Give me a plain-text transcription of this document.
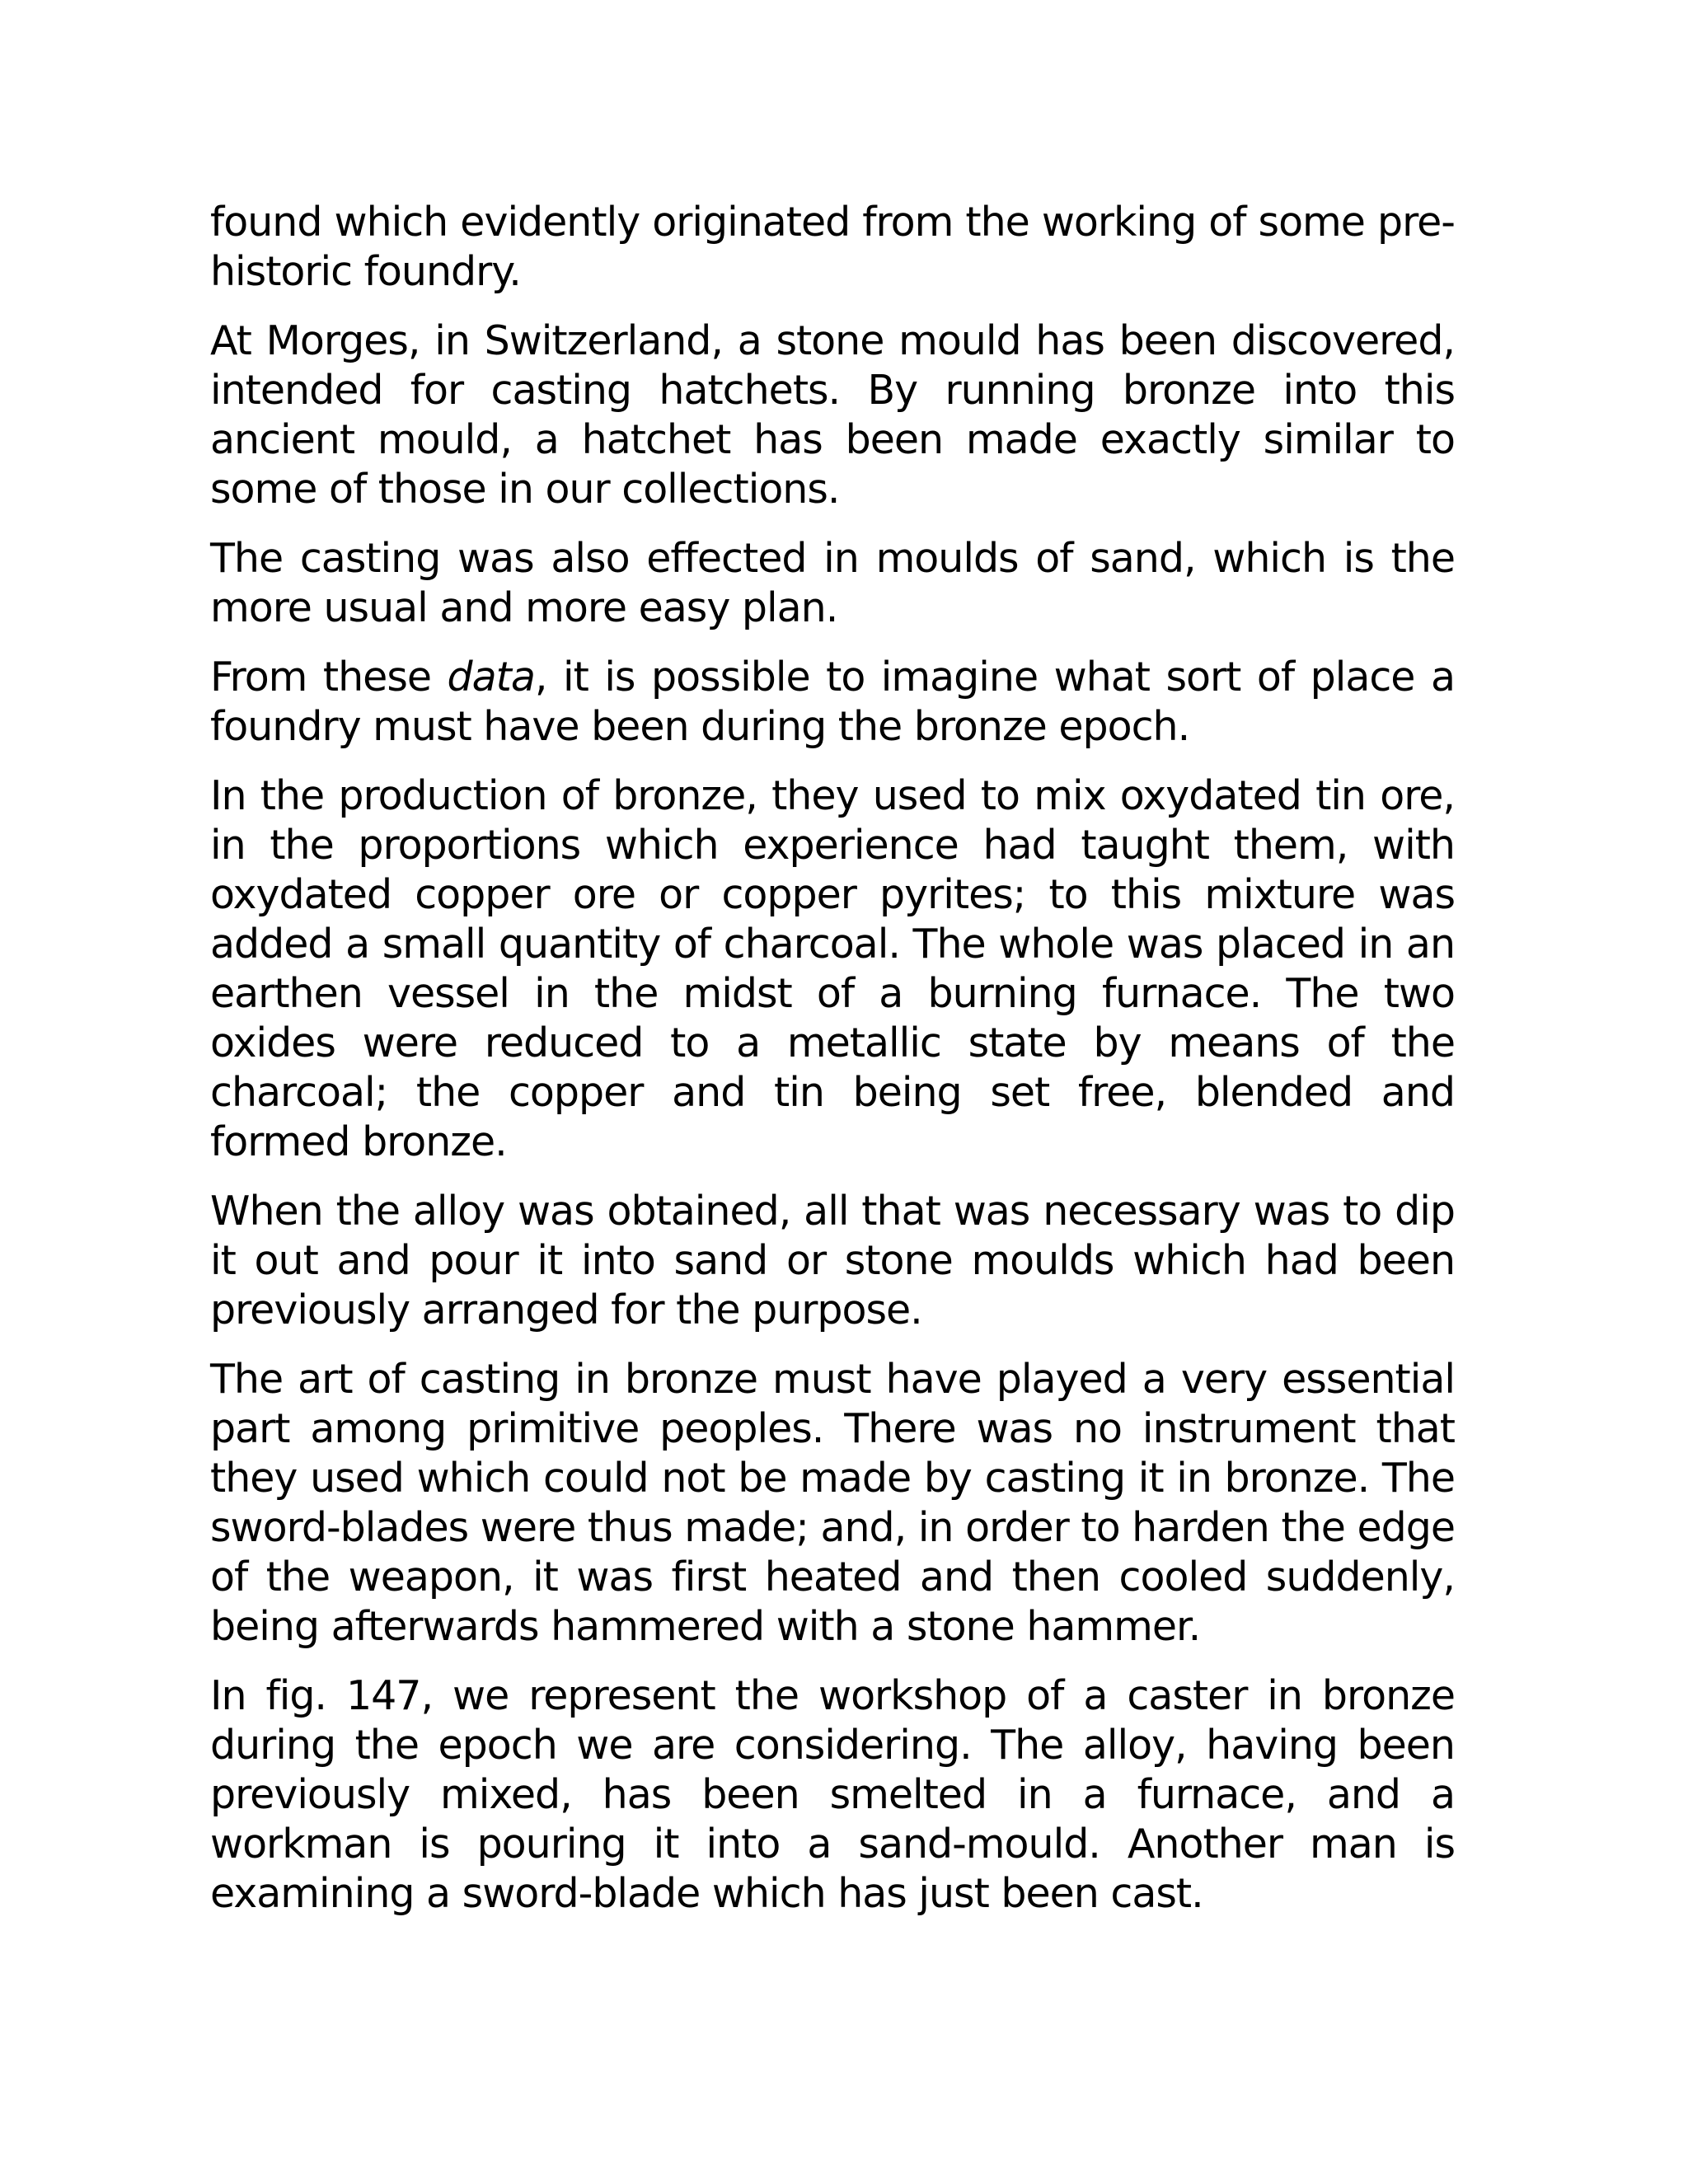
found which evidently originated from the working of some pre-historic foundry.

At Morges, in Switzerland, a stone mould has been discovered, intended for casting hatchets. By running bronze into this ancient mould, a hatchet has been made exactly similar to some of those in our collections.

The casting was also effected in moulds of sand, which is the more usual and more easy plan.

From these data, it is possible to imagine what sort of place a foundry must have been during the bronze epoch.

In the production of bronze, they used to mix oxydated tin ore, in the proportions which experience had taught them, with oxydated copper ore or copper pyrites; to this mixture was added a small quantity of charcoal. The whole was placed in an earthen vessel in the midst of a burning furnace. The two oxides were reduced to a metallic state by means of the charcoal; the copper and tin being set free, blended and formed bronze.

When the alloy was obtained, all that was necessary was to dip it out and pour it into sand or stone moulds which had been previously arranged for the purpose.

The art of casting in bronze must have played a very essential part among primitive peoples. There was no instrument that they used which could not be made by casting it in bronze. The sword-blades were thus made; and, in order to harden the edge of the weapon, it was first heated and then cooled suddenly, being afterwards hammered with a stone hammer.

In fig. 147, we represent the workshop of a caster in bronze during the epoch we are considering. The alloy, having been previously mixed, has been smelted in a furnace, and a workman is pouring it into a sand-mould. Another man is examining a sword-blade which has just been cast.
